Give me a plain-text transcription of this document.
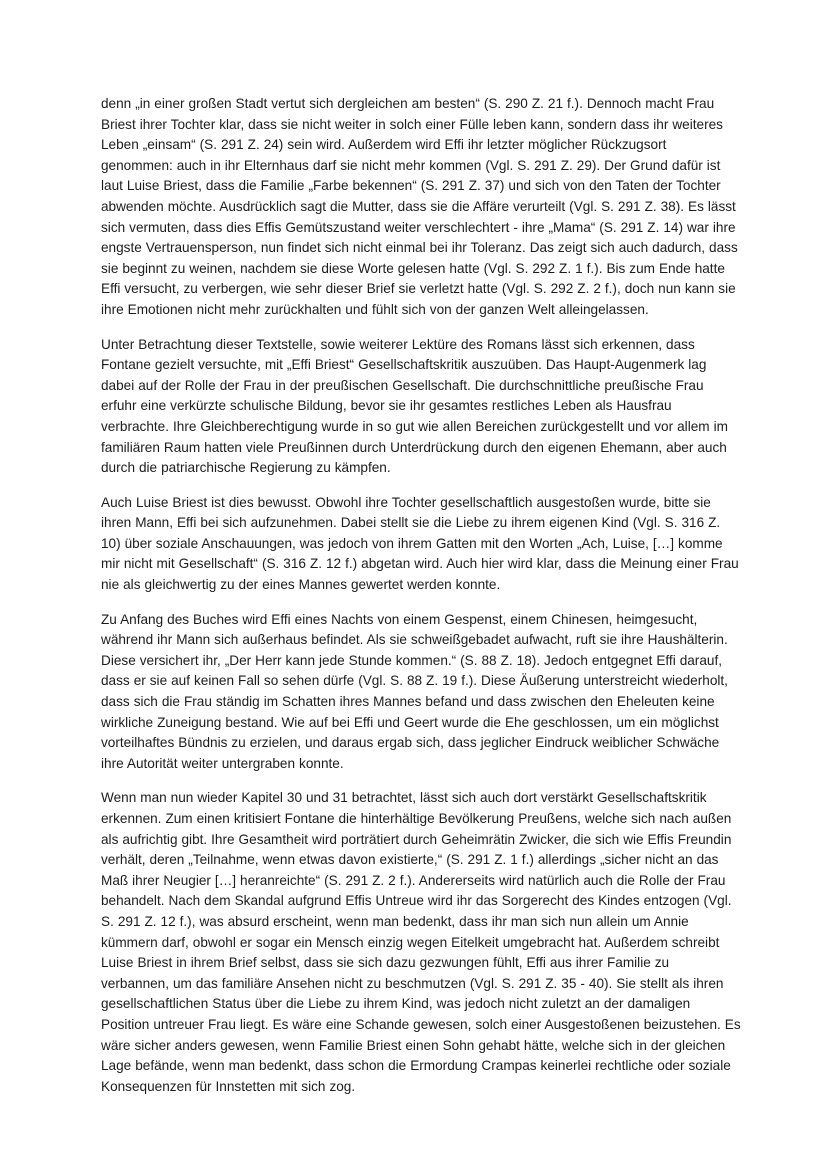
denn „in einer großen Stadt vertut sich dergleichen am besten“ (S. 290 Z. 21 f.). Dennoch macht Frau Briest ihrer Tochter klar, dass sie nicht weiter in solch einer Fülle leben kann, sondern dass ihr weiteres Leben „einsam“ (S. 291 Z. 24) sein wird. Außerdem wird Effi ihr letzter möglicher Rückzugsort genommen: auch in ihr Elternhaus darf sie nicht mehr kommen (Vgl. S. 291 Z. 29). Der Grund dafür ist laut Luise Briest, dass die Familie „Farbe bekennen“ (S. 291 Z. 37) und sich von den Taten der Tochter abwenden möchte. Ausdrücklich sagt die Mutter, dass sie die Affäre verurteilt (Vgl. S. 291 Z. 38). Es lässt sich vermuten, dass dies Effis Gemütszustand weiter verschlechtert - ihre „Mama“ (S. 291 Z. 14) war ihre engste Vertrauensperson, nun findet sich nicht einmal bei ihr Toleranz. Das zeigt sich auch dadurch, dass sie beginnt zu weinen, nachdem sie diese Worte gelesen hatte (Vgl. S. 292 Z. 1 f.). Bis zum Ende hatte Effi versucht, zu verbergen, wie sehr dieser Brief sie verletzt hatte (Vgl. S. 292 Z. 2 f.), doch nun kann sie ihre Emotionen nicht mehr zurückhalten und fühlt sich von der ganzen Welt alleingelassen.

Unter Betrachtung dieser Textstelle, sowie weiterer Lektüre des Romans lässt sich erkennen, dass Fontane gezielt versuchte, mit „Effi Briest“ Gesellschaftskritik auszuüben. Das Haupt-Augenmerk lag dabei auf der Rolle der Frau in der preußischen Gesellschaft. Die durchschnittliche preußische Frau erfuhr eine verkürzte schulische Bildung, bevor sie ihr gesamtes restliches Leben als Hausfrau verbrachte. Ihre Gleichberechtigung wurde in so gut wie allen Bereichen zurückgestellt und vor allem im familiären Raum hatten viele Preußinnen durch Unterdrückung durch den eigenen Ehemann, aber auch durch die patriarchische Regierung zu kämpfen.

Auch Luise Briest ist dies bewusst. Obwohl ihre Tochter gesellschaftlich ausgestoßen wurde, bitte sie ihren Mann, Effi bei sich aufzunehmen. Dabei stellt sie die Liebe zu ihrem eigenen Kind (Vgl. S. 316 Z. 10) über soziale Anschauungen, was jedoch von ihrem Gatten mit den Worten „Ach, Luise, […] komme mir nicht mit Gesellschaft“ (S. 316 Z. 12 f.) abgetan wird. Auch hier wird klar, dass die Meinung einer Frau nie als gleichwertig zu der eines Mannes gewertet werden konnte.

Zu Anfang des Buches wird Effi eines Nachts von einem Gespenst, einem Chinesen, heimgesucht, während ihr Mann sich außerhaus befindet. Als sie schweißgebadet aufwacht, ruft sie ihre Haushälterin. Diese versichert ihr, „Der Herr kann jede Stunde kommen.“ (S. 88 Z. 18). Jedoch entgegnet Effi darauf, dass er sie auf keinen Fall so sehen dürfe (Vgl. S. 88 Z. 19 f.). Diese Äußerung unterstreicht wiederholt, dass sich die Frau ständig im Schatten ihres Mannes befand und dass zwischen den Eheleuten keine wirkliche Zuneigung bestand. Wie auf bei Effi und Geert wurde die Ehe geschlossen, um ein möglichst vorteilhaftes Bündnis zu erzielen, und daraus ergab sich, dass jeglicher Eindruck weiblicher Schwäche ihre Autorität weiter untergraben konnte.

Wenn man nun wieder Kapitel 30 und 31 betrachtet, lässt sich auch dort verstärkt Gesellschaftskritik erkennen. Zum einen kritisiert Fontane die hinterhältige Bevölkerung Preußens, welche sich nach außen als aufrichtig gibt. Ihre Gesamtheit wird porträtiert durch Geheimrätin Zwicker, die sich wie Effis Freundin verhält, deren „Teilnahme, wenn etwas davon existierte,“ (S. 291 Z. 1 f.) allerdings „sicher nicht an das Maß ihrer Neugier […] heranreichte“ (S. 291 Z. 2 f.). Andererseits wird natürlich auch die Rolle der Frau behandelt. Nach dem Skandal aufgrund Effis Untreue wird ihr das Sorgerecht des Kindes entzogen (Vgl. S. 291 Z. 12 f.), was absurd erscheint, wenn man bedenkt, dass ihr man sich nun allein um Annie kümmern darf, obwohl er sogar ein Mensch einzig wegen Eitelkeit umgebracht hat. Außerdem schreibt Luise Briest in ihrem Brief selbst, dass sie sich dazu gezwungen fühlt, Effi aus ihrer Familie zu verbannen, um das familiäre Ansehen nicht zu beschmutzen (Vgl. S. 291 Z. 35 - 40). Sie stellt als ihren gesellschaftlichen Status über die Liebe zu ihrem Kind, was jedoch nicht zuletzt an der damaligen Position untreuer Frau liegt. Es wäre eine Schande gewesen, solch einer Ausgestoßenen beizustehen. Es wäre sicher anders gewesen, wenn Familie Briest einen Sohn gehabt hätte, welche sich in der gleichen Lage befände, wenn man bedenkt, dass schon die Ermordung Crampas keinerlei rechtliche oder soziale Konsequenzen für Innstetten mit sich zog.
